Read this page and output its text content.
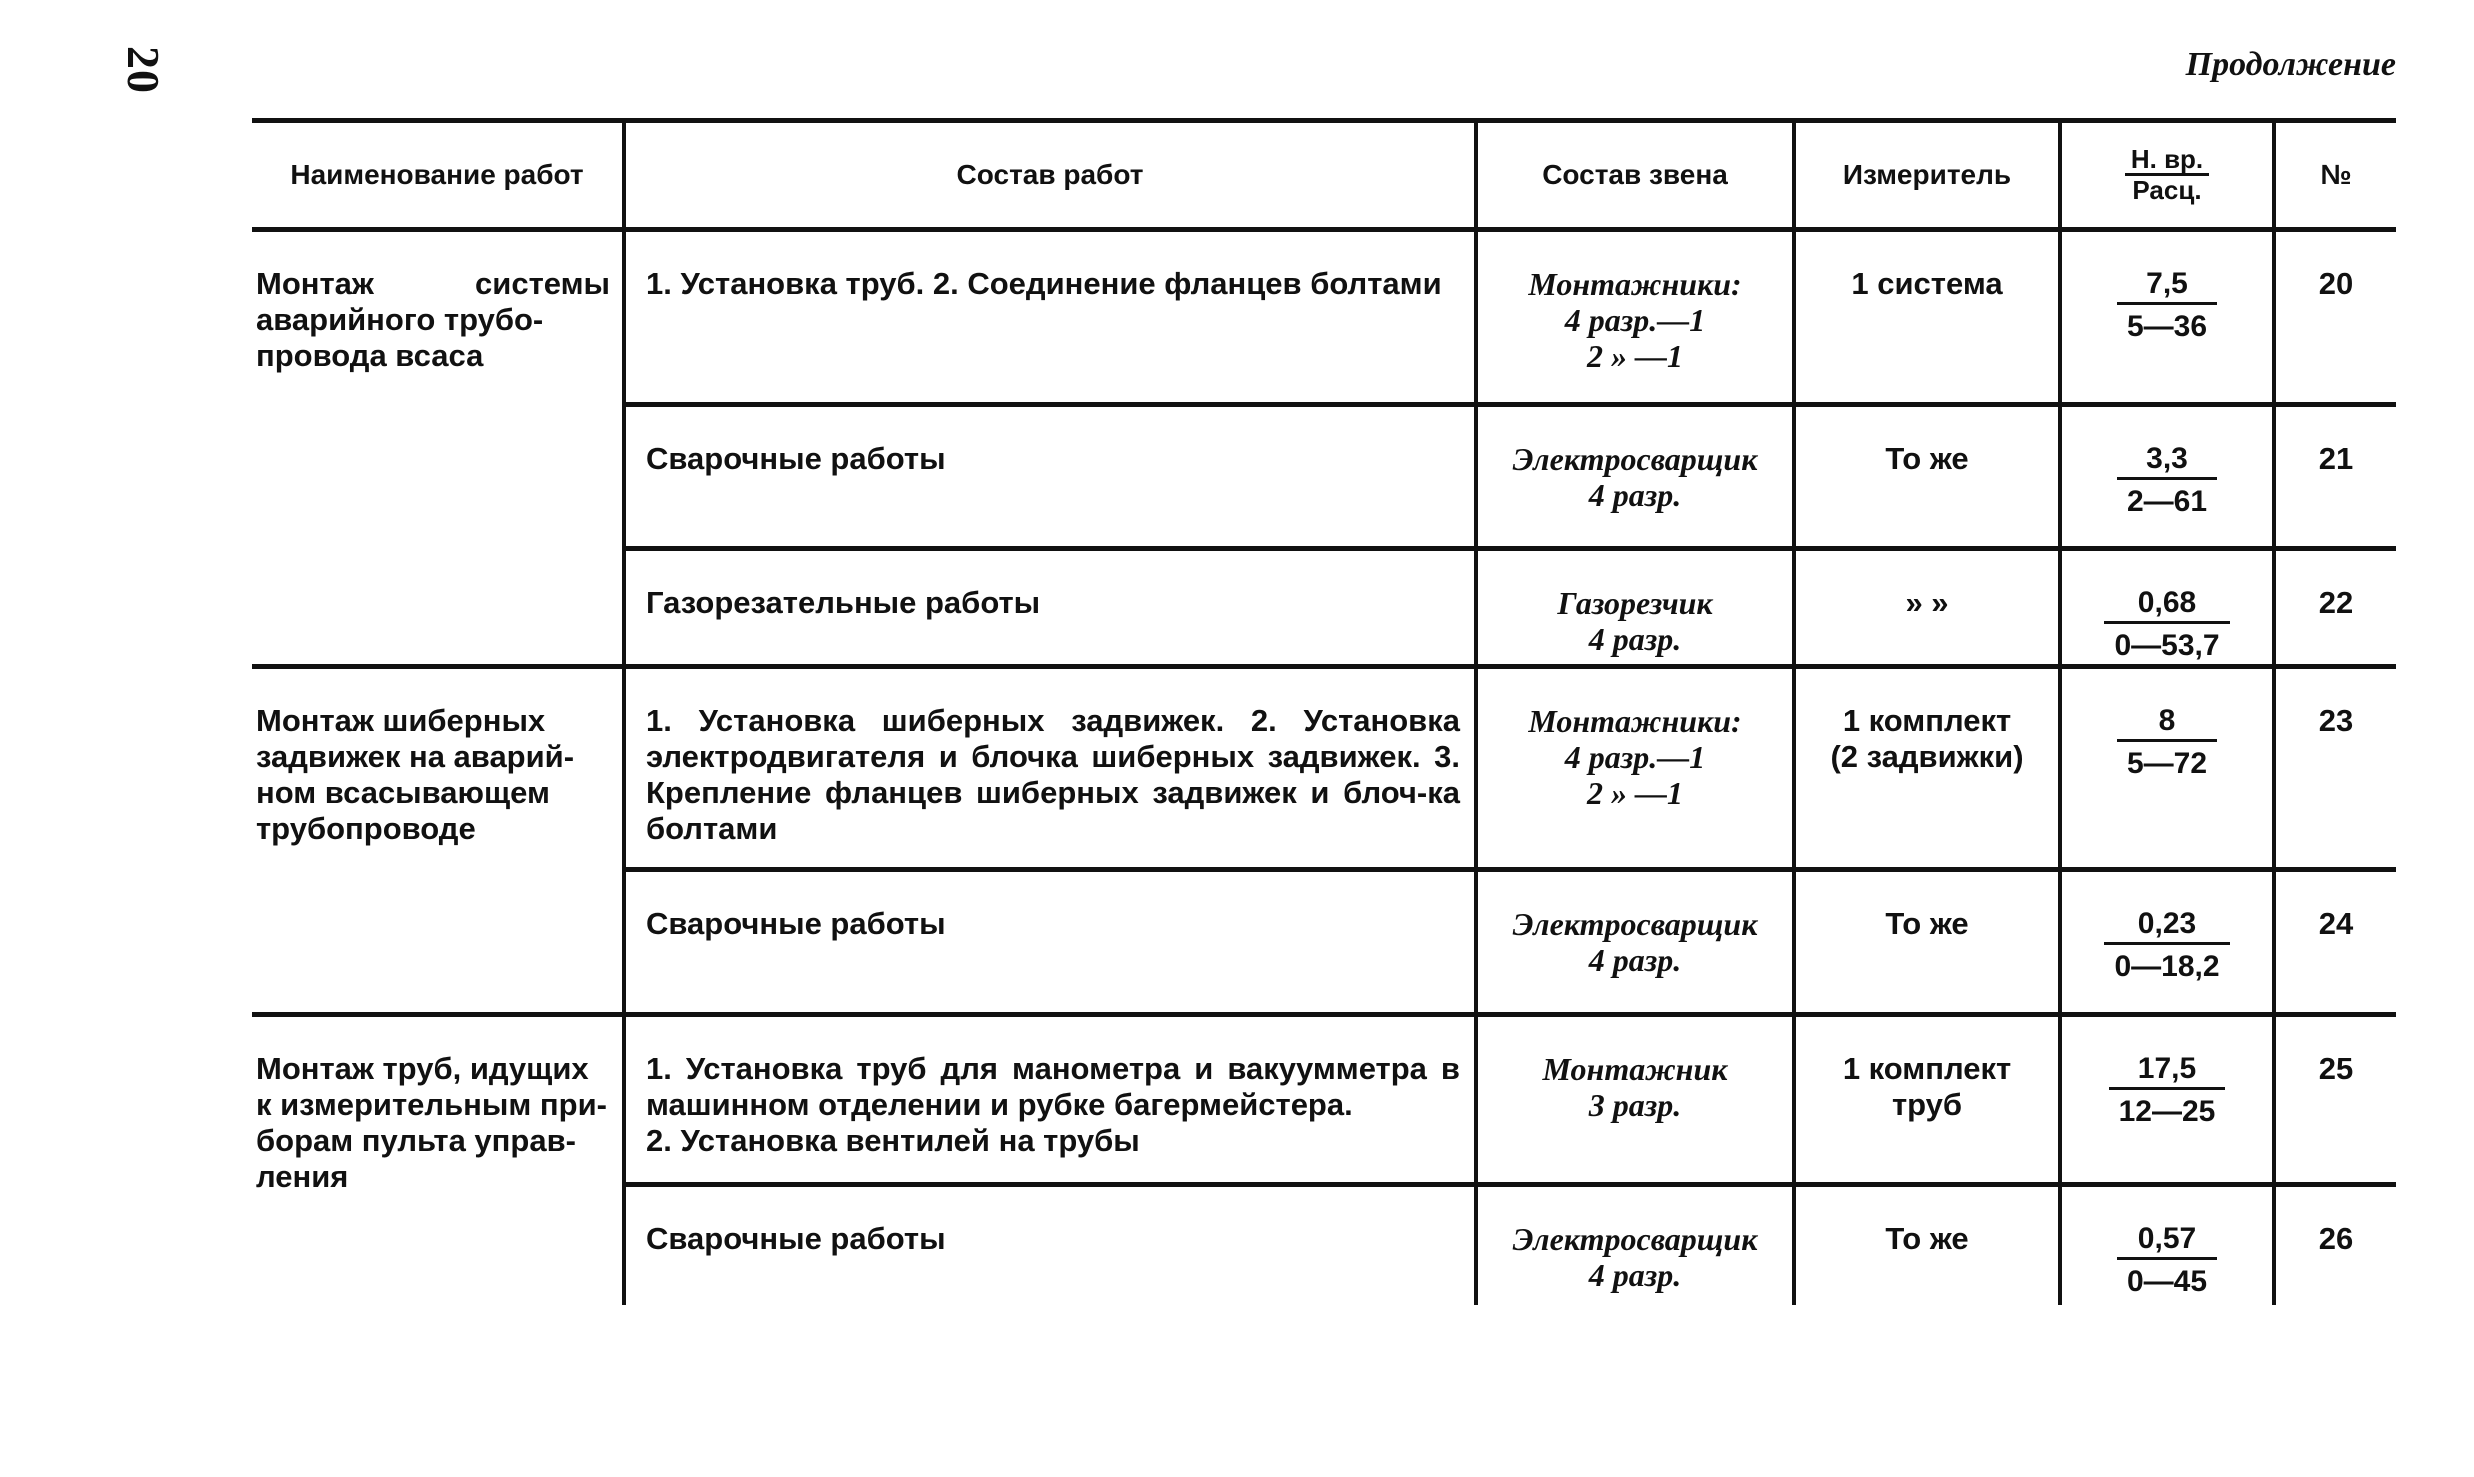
20	Продолжение
Наименование работ	Состав работ	Состав звена	Измеритель	$\frac{Н. вр.}{\text{Расц.}}$	№

Монтаж системы аварийного трубо-
провода всаса	1. Установка труб. 2. Соединение фланцев болтами	Монтажники:
4 разр.—1
2 » —1	1 система	$\frac{7,5}{5—36}$	20

	Сварочные работы	Электросварщик
4 разр.	То же	$\frac{3,3}{2—61}$	21

	Газорезательные работы	Газорезчик
4 разр.	» »	$\frac{0,68}{0—53,7}$	22

Монтаж шиберных
задвижек на аварий-
ном всасывающем
трубопроводе	1. Установка шиберных задвижек. 2. Установка электродвигателя и блочка шиберных задвижек. 3. Крепление фланцев шиберных задвижек и блоч-ка болтами	Монтажники:
4 разр.—1
2 » —1	1 комплект
(2 задвижки)	$\frac{8}{5—72}$	23

	Сварочные работы	Электросварщик
4 разр.	То же	$\frac{0,23}{0—18,2}$	24

Монтаж труб, идущих
к измерительным при-
борам пульта управ-
ления	1. Установка труб для манометра и вакуумметра в машинном отделении и рубке багермейстера.
2. Установка вентилей на трубы	Монтажник
3 разр.	1 комплект
труб	$\frac{17,5}{12—25}$	25

	Сварочные работы	Электросварщик
4 разр.	То же	$\frac{0,57}{0—45}$	26
